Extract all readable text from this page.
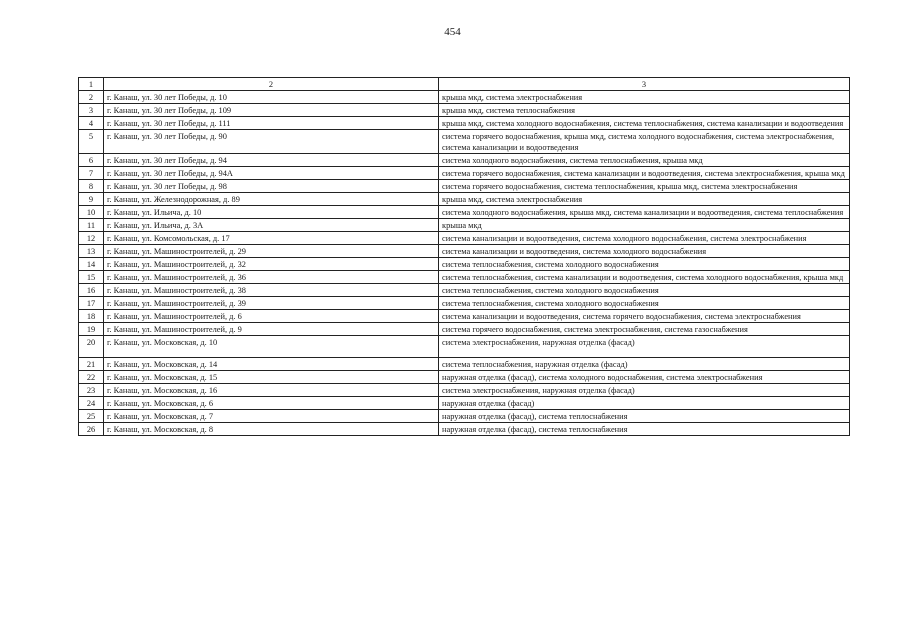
454
1	2	3
2	г. Канаш, ул. 30 лет Победы, д. 10	крыша мкд, система электроснабжения
3	г. Канаш, ул. 30 лет Победы, д. 109	крыша мкд, система теплоснабжения
4	г. Канаш, ул. 30 лет Победы, д. 111	крыша мкд, система холодного водоснабжения, система теплоснабжения, система канализации и водоотведения
5	г. Канаш, ул. 30 лет Победы, д. 90	система горячего водоснабжения, крыша мкд, система холодного водоснабжения, система электроснабжения, система канализации и водоотведения
6	г. Канаш, ул. 30 лет Победы, д. 94	система холодного водоснабжения, система теплоснабжения, крыша мкд
7	г. Канаш, ул. 30 лет Победы, д. 94А	система горячего водоснабжения, система канализации и водоотведения, система электроснабжения, крыша мкд
8	г. Канаш, ул. 30 лет Победы, д. 98	система горячего водоснабжения, система теплоснабжения, крыша мкд, система электроснабжения
9	г. Канаш, ул. Железнодорожная, д. 89	крыша мкд, система электроснабжения
10	г. Канаш, ул. Ильича, д. 10	система холодного водоснабжения, крыша мкд, система канализации и водоотведения, система теплоснабжения
11	г. Канаш, ул. Ильича, д. 3А	крыша мкд
12	г. Канаш, ул. Комсомольская, д. 17	система канализации и водоотведения, система холодного водоснабжения, система электроснабжения
13	г. Канаш, ул. Машиностроителей, д. 29	система канализации и водоотведения, система холодного водоснабжения
14	г. Канаш, ул. Машиностроителей, д. 32	система теплоснабжения, система холодного водоснабжения
15	г. Канаш, ул. Машиностроителей, д. 36	система теплоснабжения, система канализации и водоотведения, система холодного водоснабжения, крыша мкд
16	г. Канаш, ул. Машиностроителей, д. 38	система теплоснабжения, система холодного водоснабжения
17	г. Канаш, ул. Машиностроителей, д. 39	система теплоснабжения, система холодного водоснабжения
18	г. Канаш, ул. Машиностроителей, д. 6	система канализации и водоотведения, система горячего водоснабжения, система электроснабжения
19	г. Канаш, ул. Машиностроителей, д. 9	система горячего водоснабжения, система электроснабжения, система газоснабжения
20	г. Канаш, ул. Московская, д. 10	система электроснабжения, наружная отделка (фасад)
21	г. Канаш, ул. Московская, д. 14	система теплоснабжения, наружная отделка (фасад)
22	г. Канаш, ул. Московская, д. 15	наружная отделка (фасад), система холодного водоснабжения, система электроснабжения
23	г. Канаш, ул. Московская, д. 16	система электроснабжения, наружная отделка (фасад)
24	г. Канаш, ул. Московская, д. 6	наружная отделка (фасад)
25	г. Канаш, ул. Московская, д. 7	наружная отделка (фасад), система теплоснабжения
26	г. Канаш, ул. Московская, д. 8	наружная отделка (фасад), система теплоснабжения
